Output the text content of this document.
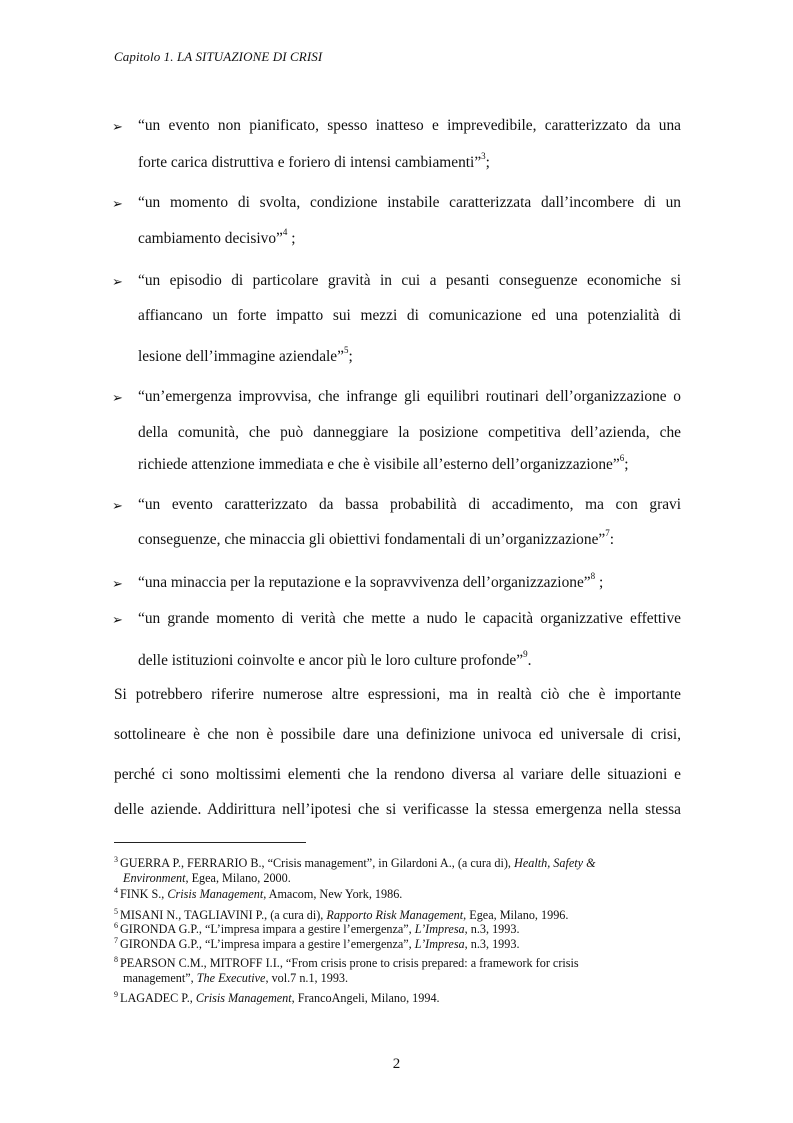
Capitolo 1. LA SITUAZIONE DI CRISI
➢ “un evento non pianificato, spesso inatteso e imprevedibile, caratterizzato da una
forte carica distruttiva e foriero di intensi cambiamenti”$^3$;
➢ “un momento di svolta, condizione instabile caratterizzata dall’incombere di un
cambiamento decisivo”$^4$ ;
➢ “un episodio di particolare gravità in cui a pesanti conseguenze economiche si
affiancano un forte impatto sui mezzi di comunicazione ed una potenzialità di
lesione dell’immagine aziendale”$^5$;
➢ “un’emergenza improvvisa, che infrange gli equilibri routinari dell’organizzazione o
della comunità, che può danneggiare la posizione competitiva dell’azienda, che
richiede attenzione immediata e che è visibile all’esterno dell’organizzazione”$^6$;
➢ “un evento caratterizzato da bassa probabilità di accadimento, ma con gravi
conseguenze, che minaccia gli obiettivi fondamentali di un’organizzazione”$^7$:
➢ “una minaccia per la reputazione e la sopravvivenza dell’organizzazione”$^8$ ;
➢ “un grande momento di verità che mette a nudo le capacità organizzative effettive
delle istituzioni coinvolte e ancor più le loro culture profonde”$^9$.
Si potrebbero riferire numerose altre espressioni, ma in realtà ciò che è importante
sottolineare è che non è possibile dare una definizione univoca ed universale di crisi,
perché ci sono moltissimi elementi che la rendono diversa al variare delle situazioni e
delle aziende. Addirittura nell’ipotesi che si verificasse la stessa emergenza nella stessa
$^3$ GUERRA P., FERRARIO B., “Crisis management”, in Gilardoni A., (a cura di), Health, Safety &
Environment, Egea, Milano, 2000.
$^4$ FINK S., Crisis Management, Amacom, New York, 1986.
$^5$ MISANI N., TAGLIAVINI P., (a cura di), Rapporto Risk Management, Egea, Milano, 1996.
$^6$ GIRONDA G.P., “L’impresa impara a gestire l’emergenza”, L’Impresa, n.3, 1993.
$^7$ GIRONDA G.P., “L’impresa impara a gestire l’emergenza”, L’Impresa, n.3, 1993.
$^8$ PEARSON C.M., MITROFF I.I., “From crisis prone to crisis prepared: a framework for crisis
management”, The Executive, vol.7 n.1, 1993.
$^9$ LAGADEC P., Crisis Management, FrancoAngeli, Milano, 1994.
2
